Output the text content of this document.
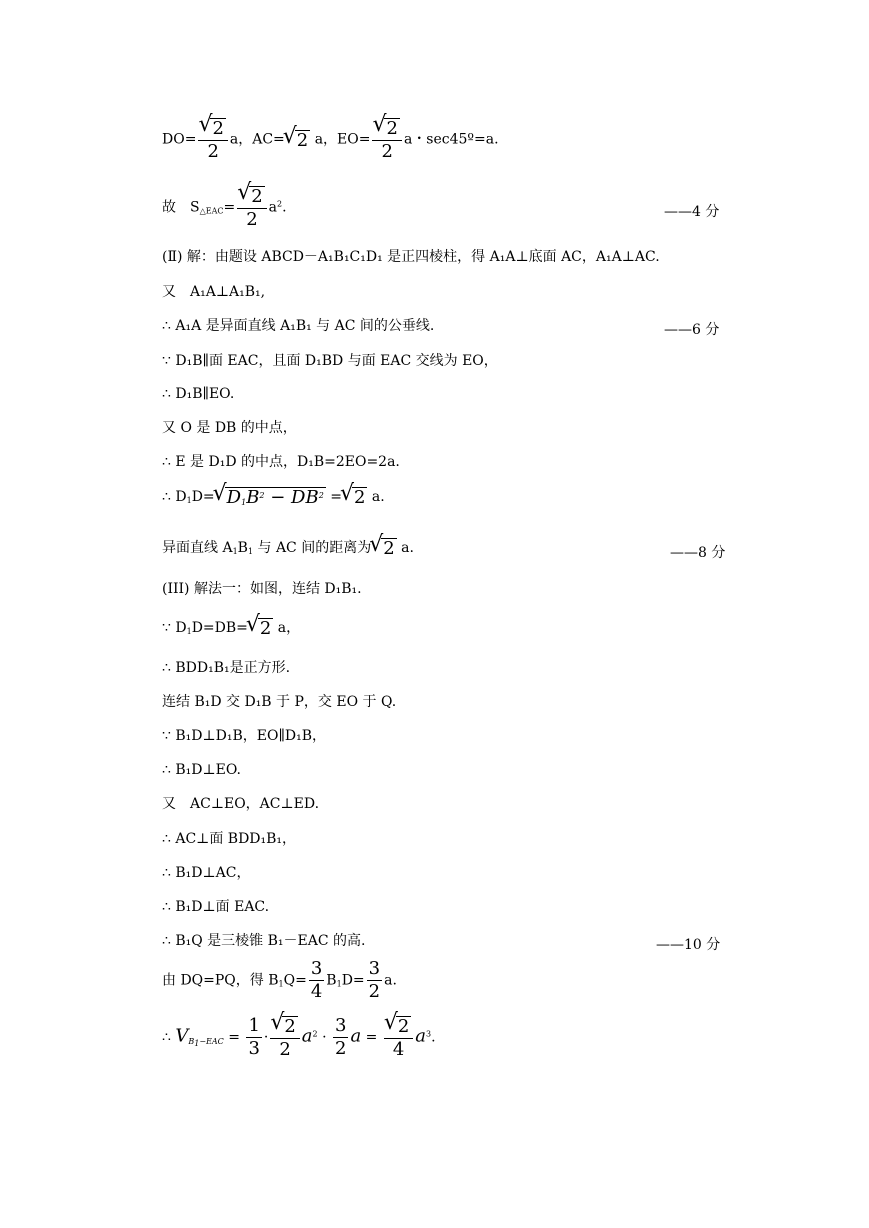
DO=
√ $\frac{2}{2}$ a，AC=√ 2 a，EO=
√ $\frac{2}{2}$ a・sec45º=a.
故　$S_{\triangle EAC}=$
√ $\frac{2}{2} a^2$.	——4 分
(Ⅱ) 解：由题设 ABCD－A₁B₁C₁D₁ 是正四棱柱，得 A₁A⊥底面 AC，A₁A⊥AC.
又　A₁A⊥A₁B₁,
∴ A₁A 是异面直线 A₁B₁ 与 AC 间的公垂线.	——6 分
∵ D₁B∥面 EAC，且面 D₁BD 与面 EAC 交线为 EO，
∴ D₁B∥EO.
又 O 是 DB 的中点，
∴ E 是 D₁D 的中点，D₁B=2EO=2a.
∴ $D_1D=√$ $D_1B^2 - DB^2$ =√ 2 a.
异面直线 $A_1B_1$ 与 AC 间的距离为√ 2 a.	——8 分
(III) 解法一：如图，连结 D₁B₁.
∵ $D_1D=DB=√$ 2 a，
∴ BDD₁B₁是正方形.
连结 B₁D 交 D₁B 于 P，交 EO 于 Q.
∵ B₁D⊥D₁B，EO∥D₁B，
∴ B₁D⊥EO.
又　AC⊥EO，AC⊥ED.
∴ AC⊥面 BDD₁B₁，
∴ B₁D⊥AC，
∴ B₁D⊥面 EAC.
∴ B₁Q 是三棱锥 B₁－EAC 的高.	——10 分
由 DQ=PQ，得 $B_1Q= \frac{3}{4} B_1D= \frac{3}{2} a$.
∴ $V_{B_1-EAC} = \frac{1}{3}$ ·
√ $\frac{2}{2} a^2 \cdot \frac{3}{2}$ a =
√ $\frac{2}{4} a^3$.
